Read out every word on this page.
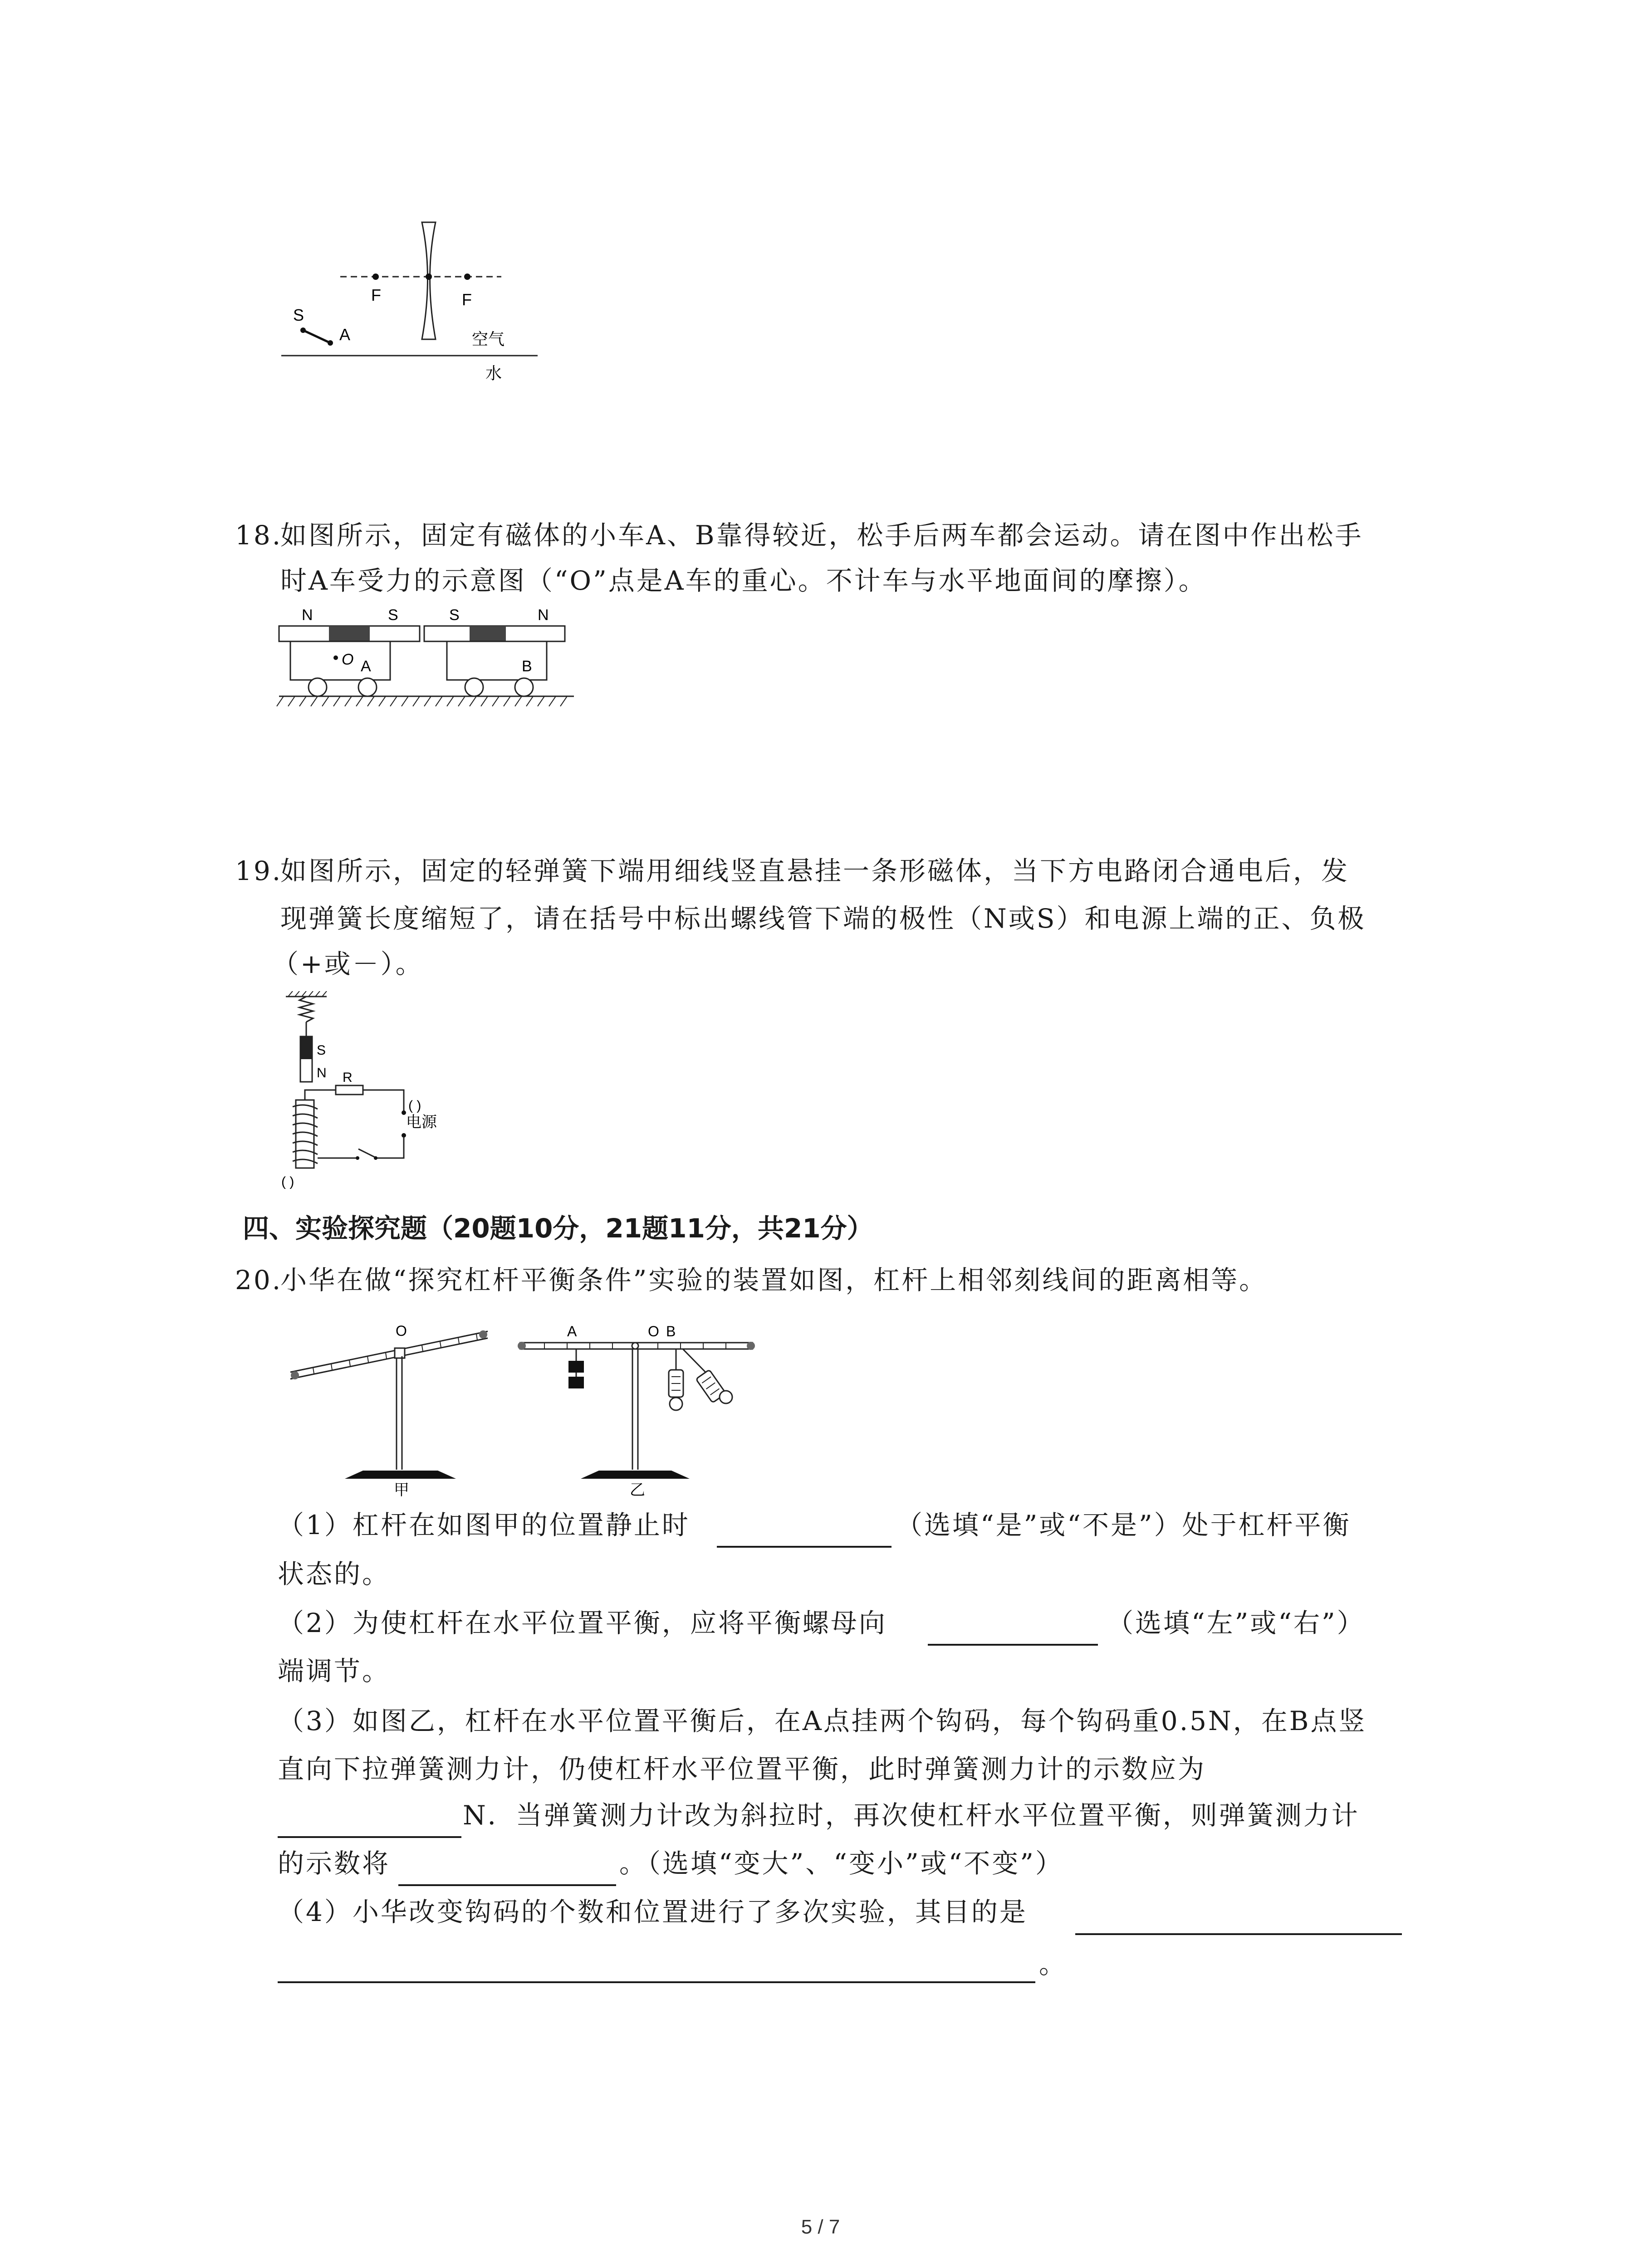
F	F
S
A	空气
水
18.如图所示，固定有磁体的小车A、B靠得较近，松手后两车都会运动。请在图中作出松手
时A车受力的示意图（“O”点是A车的重心。不计车与水平地面间的摩擦）。
N	S
O A
S	N
B
19.如图所示，固定的轻弹簧下端用细线竖直悬挂一条形磁体，当下方电路闭合通电后，发
现弹簧长度缩短了，请在括号中标出螺线管下端的极性（N或S）和电源上端的正、负极
（+或－）。
S
N R
( )
电源
( )
四、实验探究题（20题10分，21题11分，共21分）
20.小华在做“探究杠杆平衡条件”实验的装置如图，杠杆上相邻刻线间的距离相等。
O
甲
A	O B
乙
（1）杠杆在如图甲的位置静止时	（选填“是”或“不是”）处于杠杆平衡
状态的。
（2）为使杠杆在水平位置平衡，应将平衡螺母向	（选填“左”或“右”）
端调节。
（3）如图乙，杠杆在水平位置平衡后，在A点挂两个钩码，每个钩码重0.5N，在B点竖
直向下拉弹簧测力计，仍使杠杆水平位置平衡，此时弹簧测力计的示数应为
N．当弹簧测力计改为斜拉时，再次使杠杆水平位置平衡，则弹簧测力计
的示数将	。（选填“变大”、“变小”或“不变”）
（4）小华改变钩码的个数和位置进行了多次实验，其目的是
。
5 / 7
